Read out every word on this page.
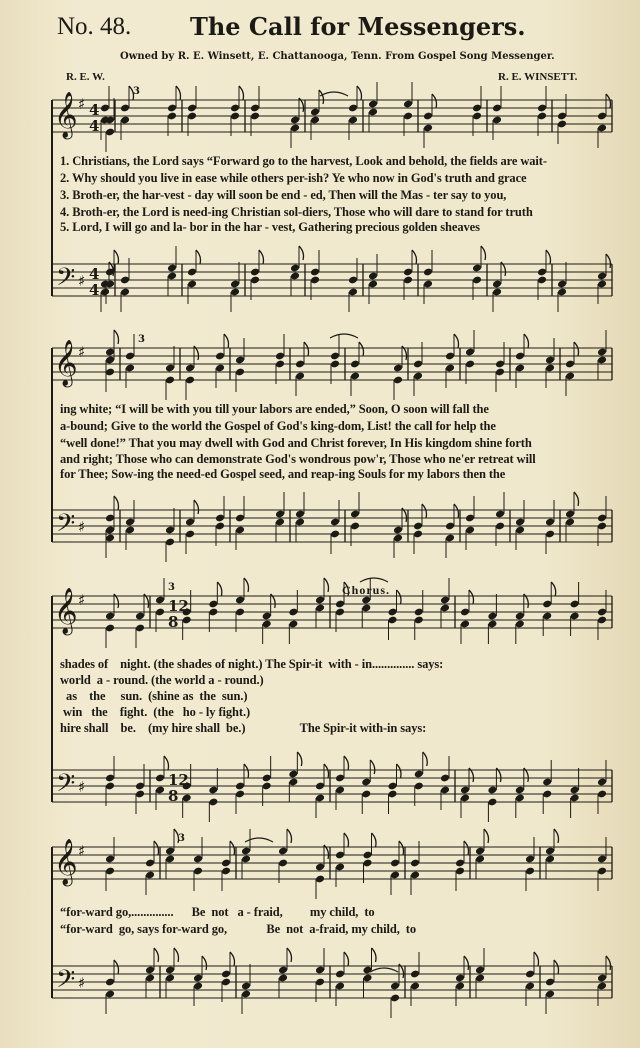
No. 48. The Call for Messengers.
Owned by R. E. Winsett, E. Chattanooga, Tenn. From Gospel Song Messenger.
R. E. W.	R. E. WINSETT.
1. Christians, the Lord says “Forward go to the harvest, Look and behold, the fields are wait-
2. Why should you live in ease while others per-ish? Ye who now in God's truth and grace
3. Broth-er, the har-vest - day will soon be end - ed, Then will the Mas - ter say to you,
4. Broth-er, the Lord is need-ing Christian sol-diers, Those who will dare to stand for truth
5. Lord, I will go and la- bor in the har - vest, Gathering precious golden sheaves
ing white; “I will be with you till your labors are ended,” Soon, O soon will fall the
a-bound; Give to the world the Gospel of God's king-dom, List! the call for help the
“well done!” That you may dwell with God and Christ forever, In His kingdom shine forth
and right; Those who can demonstrate God's wondrous pow'r, Those who ne'er retreat will
for Thee; Sow-ing the need-ed Gospel seed, and reap-ing Souls for my labors then the
Chorus.
shades of    night. (the shades of night.) The Spir-it  with - in.............. says:
world  a - round. (the world a - round.)
as    the     sun.  (shine as  the  sun.)
win   the    fight.  (the   ho - ly fight.)
hire shall    be.    (my hire shall  be.)                  The Spir-it with-in says:
“for-ward go,..............      Be  not   a - fraid,         my child,  to
“for-ward  go, says for-ward go,             Be  not  a-fraid, my child,  to
𝄞
𝄢
♯
♯
4
4
4
4
3
𝄞
𝄢
♯
♯
3
𝄞
𝄢
♯
♯
3
𝄞
𝄢
♯
♯
3
12
8
12
8
